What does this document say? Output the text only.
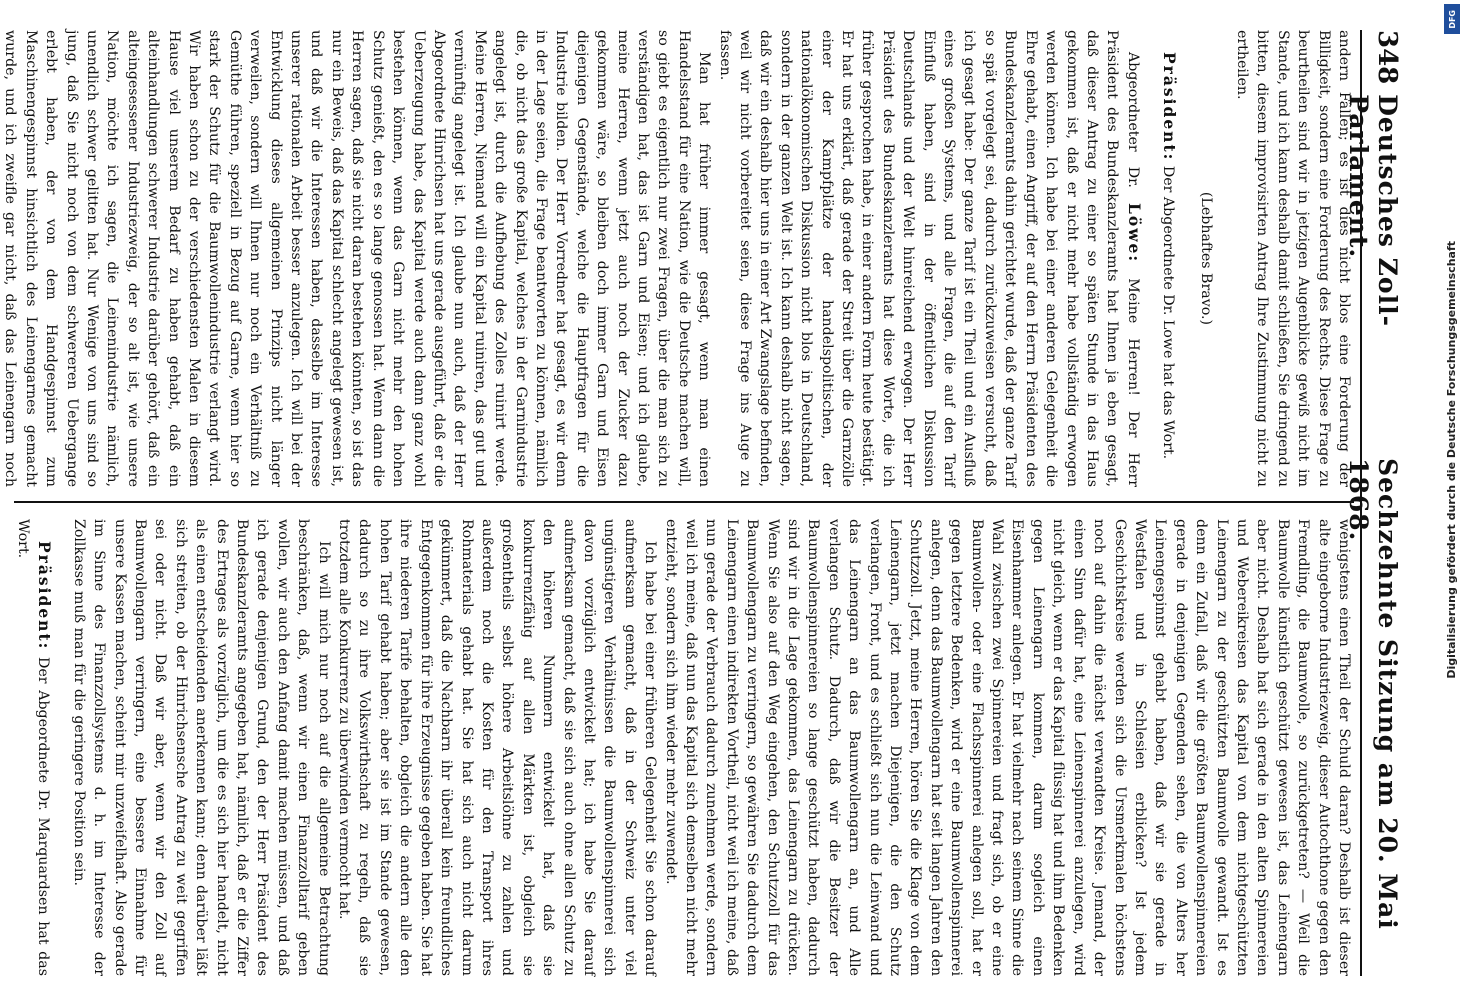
348
Deutsches Zoll-Parlament.
Sechzehnte Sitzung am 20. Mai 1868.

andern Fällen; es ist dies nicht blos eine Forderung der Billigkeit, sondern eine Forderung des Rechts. Diese Frage zu beurtheilen sind wir in jetzigen Augenblicke gewiß nicht im Stande, und ich kann deshalb damit schließen, Sie dringend zu bitten, diesem improvisirten Antrag Ihre Zustimmung nicht zu ertheilen.

(Lebhaftes Bravo.)

Präsident: Der Abgeordnete Dr. Lowe hat das Wort.

Abgeordneter Dr. Löwe: Meine Herren! Der Herr Präsident des Bundeskanzleramts hat Ihnen ja eben gesagt, daß dieser Antrag zu einer so späten Stunde in das Haus gekommen ist, daß er nicht mehr habe vollständig erwogen werden können. Ich habe bei einer anderen Gelegenheit die Ehre gehabt, einen Angriff, der auf den Herrn Präsidenten des Bundeskanzleramts dahin gerichtet wurde, daß der ganze Tarif so spät vorgelegt sei, dadurch zurückzuweisen versucht, daß ich gesagt habe: Der ganze Tarif ist ein Theil und ein Ausfluß eines großen Systems, und alle Fragen, die auf den Tarif Einfluß haben, sind in der öffentlichen Diskussion Deutschlands und der Welt hinreichend erwogen. Der Herr Präsident des Bundeskanzleramts hat diese Worte, die ich früher gesprochen habe, in einer andern Form heute bestätigt. Er hat uns erklärt, daß gerade der Streit über die Garnzölle einer der Kampfplätze der handelspolitischen, der nationalökonomischen Diskussion nicht blos in Deutschland, sondern in der ganzen Welt ist. Ich kann deshalb nicht sagen, daß wir ein deshalb hier uns in einer Art Zwangslage befinden, weil wir nicht vorbereitet seien, diese Frage ins Auge zu fassen.

Man hat früher immer gesagt, wenn man einen Handelsstand für eine Nation, wie die Deutsche machen will, so giebt es eigentlich nur zwei Fragen, über die man sich zu verständigen hat, das ist Garn und Eisen; und ich glaube, meine Herren, wenn jetzt auch noch der Zucker dazu gekommen wäre, so bleiben doch immer Garn und Eisen diejenigen Gegenstände, welche die Hauptfragen für die Industrie bilden. Der Herr Vorredner hat gesagt, es wir denn in der Lage seien, die Frage beantworten zu können, nämlich die, ob nicht das große Kapital, welches in der Garnindustrie angelegt ist, durch die Aufhebung des Zolles ruinirt werde. Meine Herren, Niemand will ein Kapital ruiniren, das gut und vernünftig angelegt ist. Ich glaube nun auch, daß der Herr Abgeordnete Hinrichsen hat uns gerade ausgeführt, daß er die Ueberzeugung habe, das Kapital werde auch dann ganz wohl bestehen können, wenn das Garn nicht mehr den hohen Schutz genießt, den es so lange genossen hat. Wenn dann die Herren sagen, daß sie nicht daran bestehen könnten, so ist das nur ein Beweis, daß das Kapital schlecht angelegt gewesen ist, und daß wir die Interessen haben, dasselbe im Interesse unserer rationalen Arbeit besser anzulegen. Ich will bei der Entwicklung dieses allgemeinen Prinzips nicht länger verweilen, sondern will Ihnen nur noch ein Verhältniß zu Gemüthe führen, speziell in Bezug auf Garne, wenn hier so stark der Schutz für die Baumwollenindustrie verlangt wird. Wir haben schon zu der verschiedensten Malen in diesem Hause viel unserem Bedarf zu haben gehabt, daß ein alteinhandlungen schwerer Industrie darüber gehört, daß ein alteingesessener Industriezweig, der so alt ist, wie unsere Nation, möchte ich sagen, die Leinenindustrie nämlich, unendlich schwer gelitten hat. Nur Wenige von uns sind so jung, daß Sie nicht noch von dem schwereren Uebergange erlebt haben, der von dem Handgespinnst zum Maschinengespinnst hinsichtlich des Leinengarnes gemacht wurde, und ich zweifle gar nicht, daß das Leinengarn noch

wenigstens einen Theil der Schuld daran? Deshalb ist dieser alte eingeborne Industriezweig, dieser Autochthone gegen den Fremdling, die Baumwolle, so zurückgetreten? — Weil die Baumwolle künstlich geschützt gewesen ist, das Leinengarn aber nicht. Deshalb hat sich gerade in den alten Spinnereien und Webereikreisen das Kapital von dem nichtgeschützten Leinengarn zu der geschützten Baumwolle gewandt. Ist es denn ein Zufall, daß wir die größten Baumwollenspinnereien gerade in denjenigen Gegenden sehen, die von Alters her Leinengespinnst gehabt haben, daß wir sie gerade in Westfalen und in Schlesien erblicken? Ist jedem Geschichtskreise werden sich die Ursmerkmalen höchstens noch auf dahin die nächst verwandten Kreise. Jemand, der einen Sinn dafür hat, eine Leinenspinnerei anzulegen, wird nicht gleich, wenn er das Kapital flüssig hat und ihm Bedenken gegen Leinengarn kommen, darum sogleich einen Eisenhammer anlegen. Er hat vielmehr nach seinem Sinne die Wahl zwischen zwei Spinnereien und fragt sich, ob er eine Baumwollen- oder eine Flachsspinnerei anlegen soll, hat er gegen letztere Bedenken, wird er eine Baumwollenspinnerei anlegen, denn das Baumwollengarn hat seit langen Jahren den Schutzzoll. Jetzt, meine Herren, hören Sie die Klage von dem Leinengarn, jetzt machen Diejenigen, die den Schutz verlangen, Front, und es schließt sich nun die Leinwand und das Leinengarn an das Baumwollengarn an, und Alle verlangen Schutz. Dadurch, daß wir die Besitzer der Baumwollenspinnereien so lange geschützt haben, dadurch sind wir in die Lage gekommen, das Leinengarn zu drücken. Wenn Sie also auf den Weg eingehen, den Schutzzoll für das Baumwollengarn zu verringern, so gewähren Sie dadurch dem Leinengarn einen indirekten Vortheil, nicht weil ich meine, daß nun gerade der Verbrauch dadurch zunehmen werde, sondern weil ich meine, daß nun das Kapital sich demselben nicht mehr entzieht, sondern sich ihm wieder mehr zuwendet.

Ich habe bei einer früheren Gelegenheit Sie schon darauf aufmerksam gemacht, daß in der Schweiz unter viel ungünstigeren Verhältnissen die Baumwollenspinnerei sich davon vorzüglich entwickelt hat; ich habe Sie darauf aufmerksam gemacht, daß sie sich auch ohne allen Schutz zu den höheren Nummern entwickelt hat, daß sie konkurrenzfähig auf allen Märkten ist, obgleich sie großentheils selbst höhere Arbeitslöhne zu zahlen und außerdem noch die Kosten für den Transport ihres Rohmaterials gehabt hat. Sie hat sich auch nicht darum gekümmert, daß die Nachbarn ihr überall kein freundliches Entgegenkommen für ihre Erzeugnisse gegeben haben. Sie hat ihre niederen Tarife behalten, obgleich die andern alle den hohen Tarif gehabt haben; aber sie ist im Stande gewesen, dadurch so zu ihre Volkswirthschaft zu regeln, daß sie trotzdem alle Konkurrenz zu überwinden vermocht hat.

Ich will mich nur noch auf die allgemeine Betrachtung beschränken, daß, wenn wir einen Finanzzolltarif geben wollen, wir auch den Anfang damit machen müssen, und daß ich gerade denjenigen Grund, den der Herr Präsident des Bundeskanzleramts angegeben hat, nämlich, daß er die Ziffer des Ertrages als vorzüglich, um die es sich hier handelt, nicht als einen entscheidenden anerkennen kann; denn darüber läßt sich streiten, ob der Hinrichsensche Antrag zu weit gegriffen sei oder nicht. Daß wir aber, wenn wir den Zoll auf Baumwollengarn verringern, eine bessere Einnahme für unsere Kassen machen, scheint mir unzweifelhaft. Also gerade im Sinne des Finanzzollsystems d. h. im Interesse der Zollkasse muß man für die geringere Position sein.

Präsident: Der Abgeordnete Dr. Marquardsen hat das Wort.

DFG
Digitalisierung gefördert durch die Deutsche Forschungsgemeinschaft
